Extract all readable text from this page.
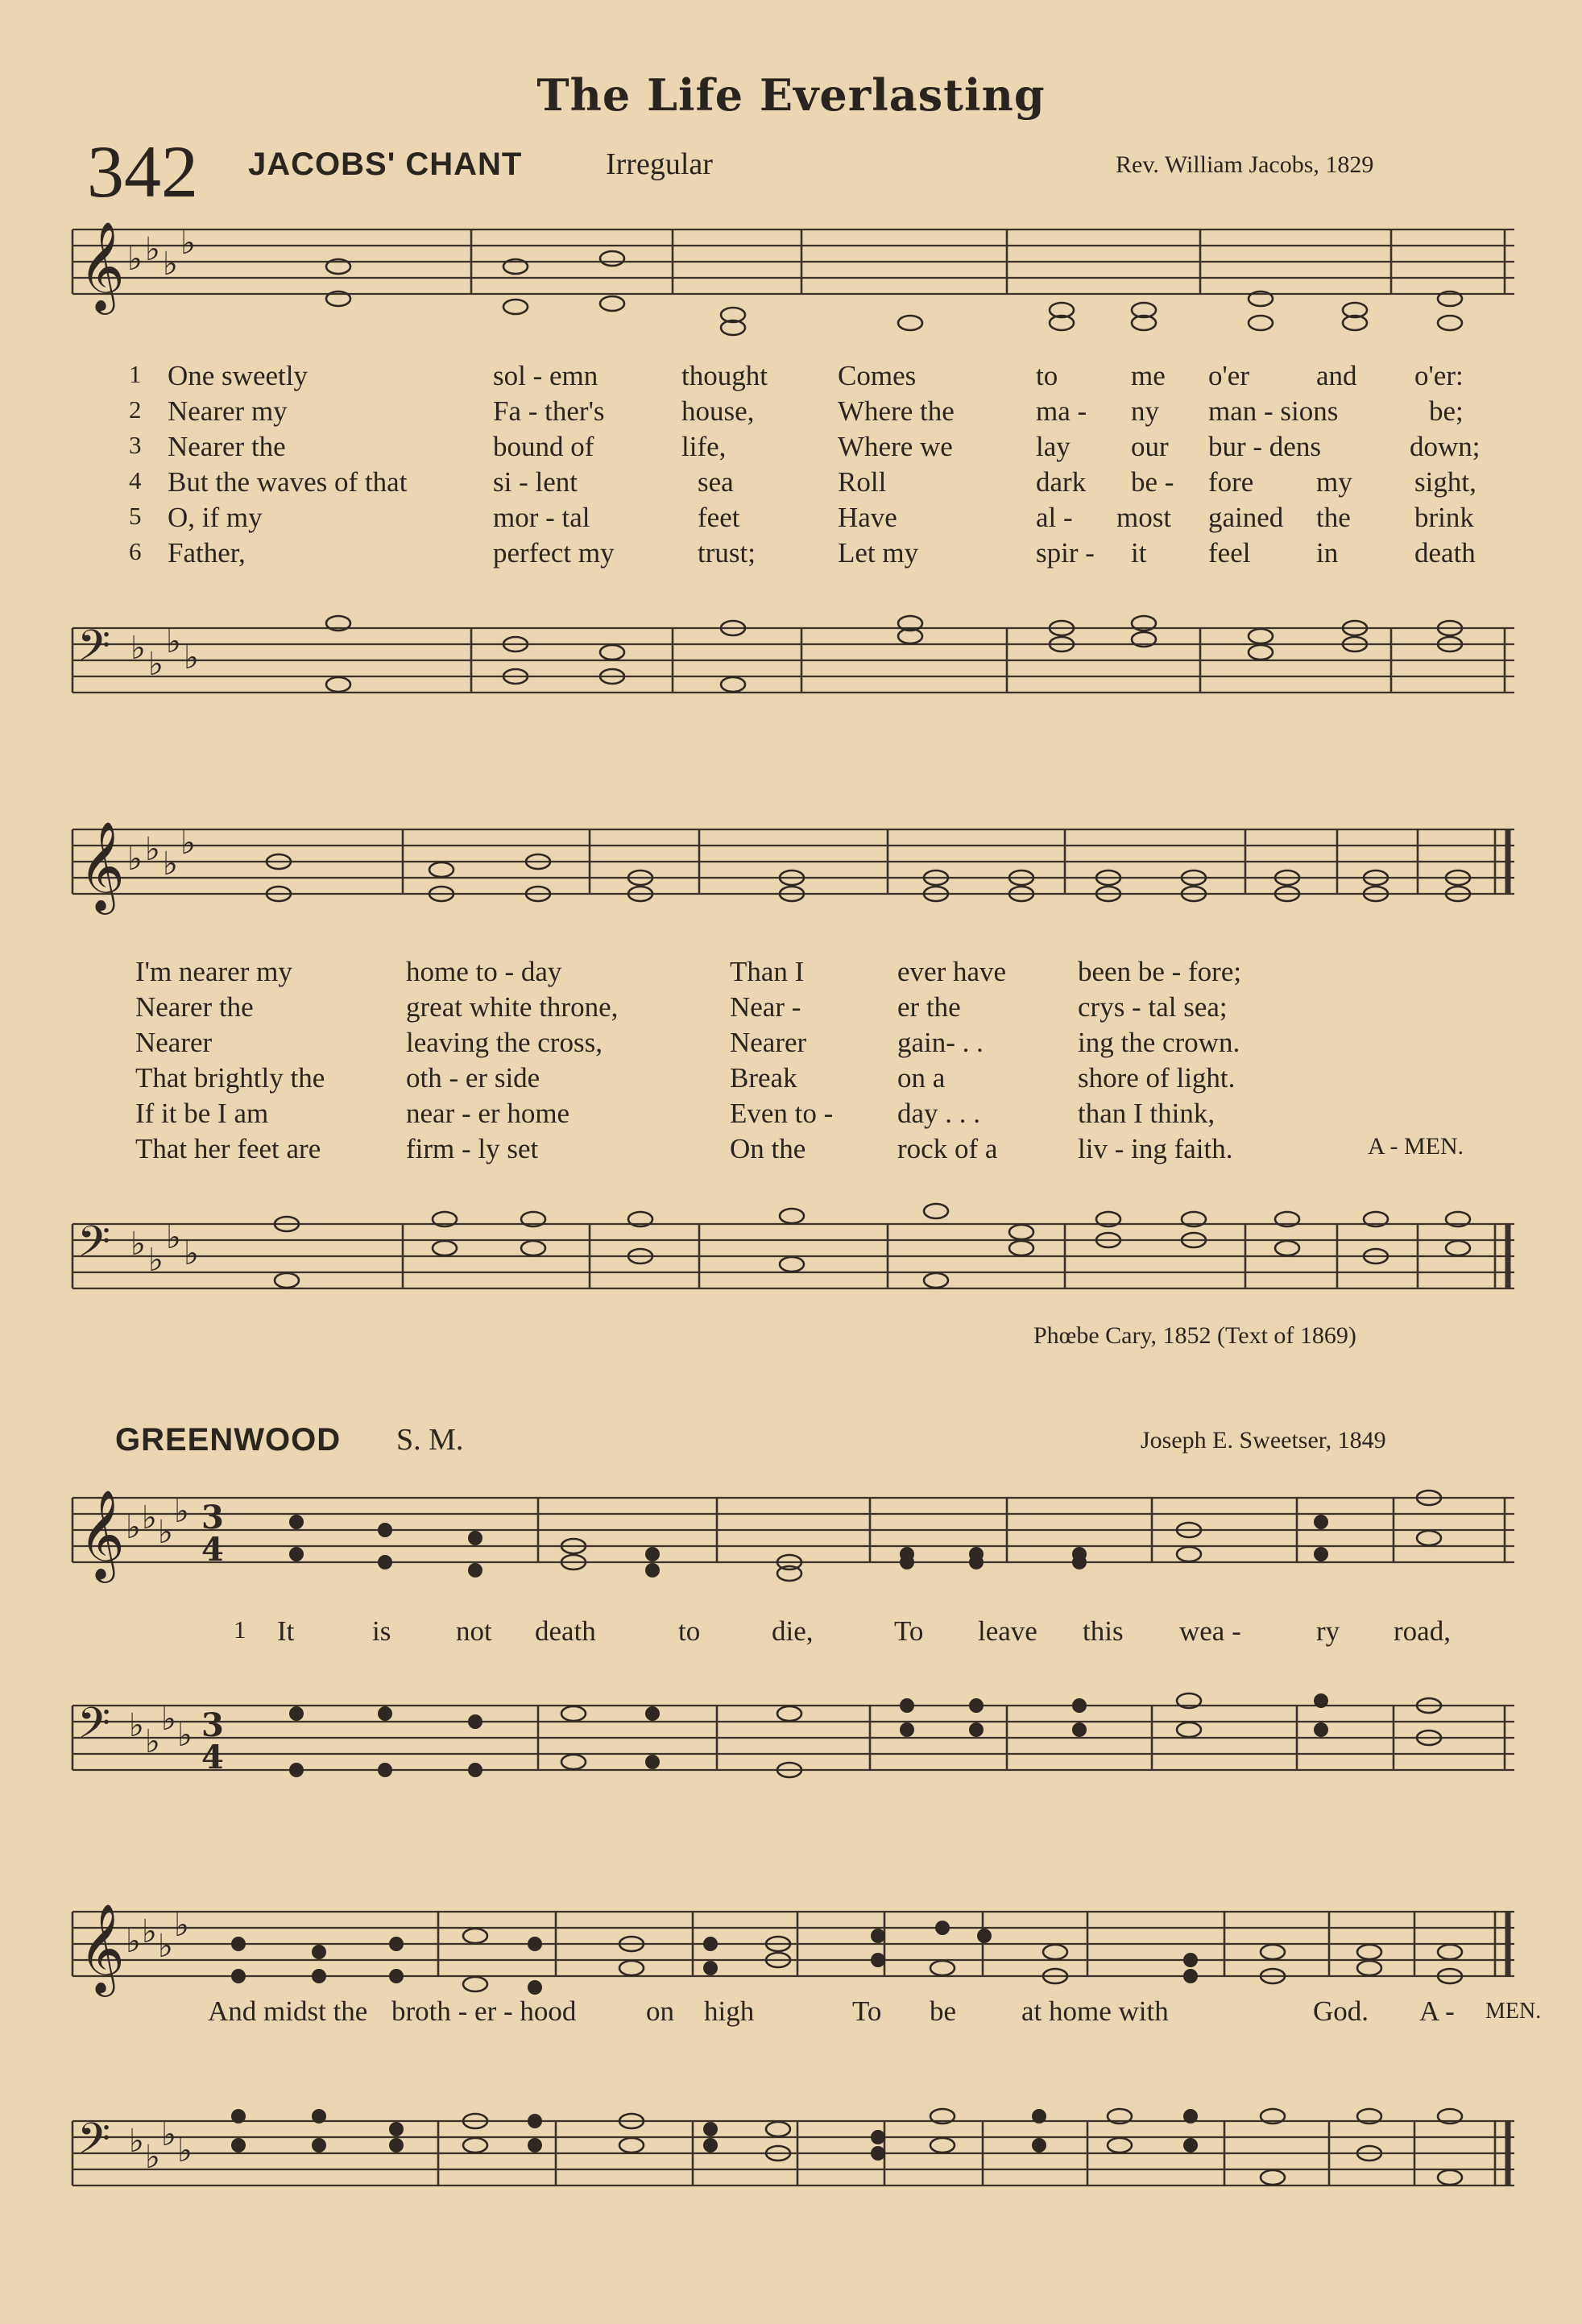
The Life Everlasting
342 JACOBS' CHANT	Irregular	Rev. William Jacobs, 1829
𝄞 ♭ ♭
♭ ♭
1 One sweetly	sol - emn	thought Comes	to	me o'er and o'er:
2 Nearer my	Fa - ther's	house,	Where the	ma - ny man - sions	be;
3 Nearer the	bound of	life,	Where we	lay our bur - dens	down;
4 But the waves of that	si - lent	sea	Roll	dark be - fore my sight,
5 O, if my	mor - tal	feet	Have	al - most gained the brink
6 Father,	perfect my	trust;	Let my	spir - it feel in	death
𝄢 ♭ ♭
♭ ♭
𝄞 ♭ ♭ ♭
♭
I'm nearer my	home to - day	Than I	ever have	been be - fore;
Nearer the	great white throne,	Near -	er the	crys - tal sea;
Nearer	leaving the cross,	Nearer	gain- . .	ing the crown.
That brightly the	oth - er side	Break	on a	shore of light.
If it be I am	near - er home	Even to - day . . .	than I think,
That her feet are	firm - ly set	On the	rock of a	liv - ing faith.	A - MEN.
𝄢 ♭ ♭
♭ ♭
Phœbe Cary, 1852 (Text of 1869)
GREENWOOD S. M.	Joseph E. Sweetser, 1849
𝄞 ♭ ♭ ♭
♭ 3
4
1 It	is not death	to	die,	To leave this wea -	ry road,
𝄢 ♭ ♭
♭ ♭ 3
4
𝄞 ♭ ♭ ♭
♭
And midst the broth - er - hood on high	To be at home with	God. A - MEN.
𝄢 ♭ ♭
♭ ♭
